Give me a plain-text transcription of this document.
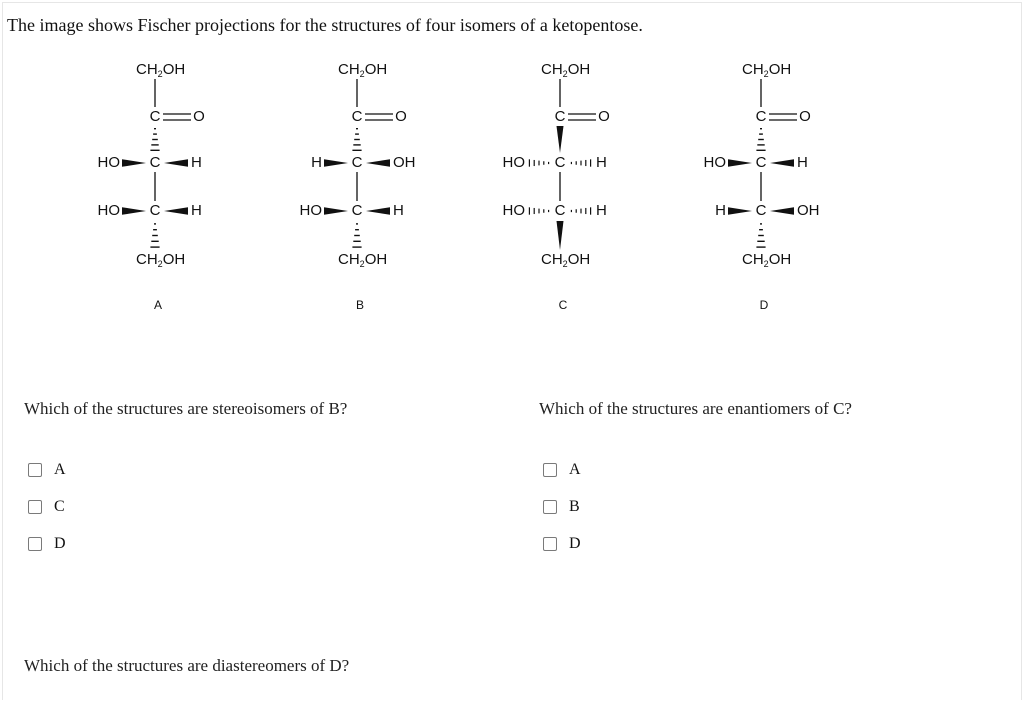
The image shows Fischer projections for the structures of four isomers of a ketopentose.
$CH_2OH$
C O
C
HO	H
C
HO	H
$CH_2OH$
A
$CH_2OH$
C O
C
H	OH
C
HO	H
$CH_2OH$
B
$CH_2OH$
C O
C
HO	H
C
HO	H
$CH_2OH$
C
$CH_2OH$
C O
C
HO	H
C
H	OH
$CH_2OH$
D
Which of the structures are stereoisomers of B?
A
C
D
Which of the structures are enantiomers of C?
A
B
D
Which of the structures are diastereomers of D?
